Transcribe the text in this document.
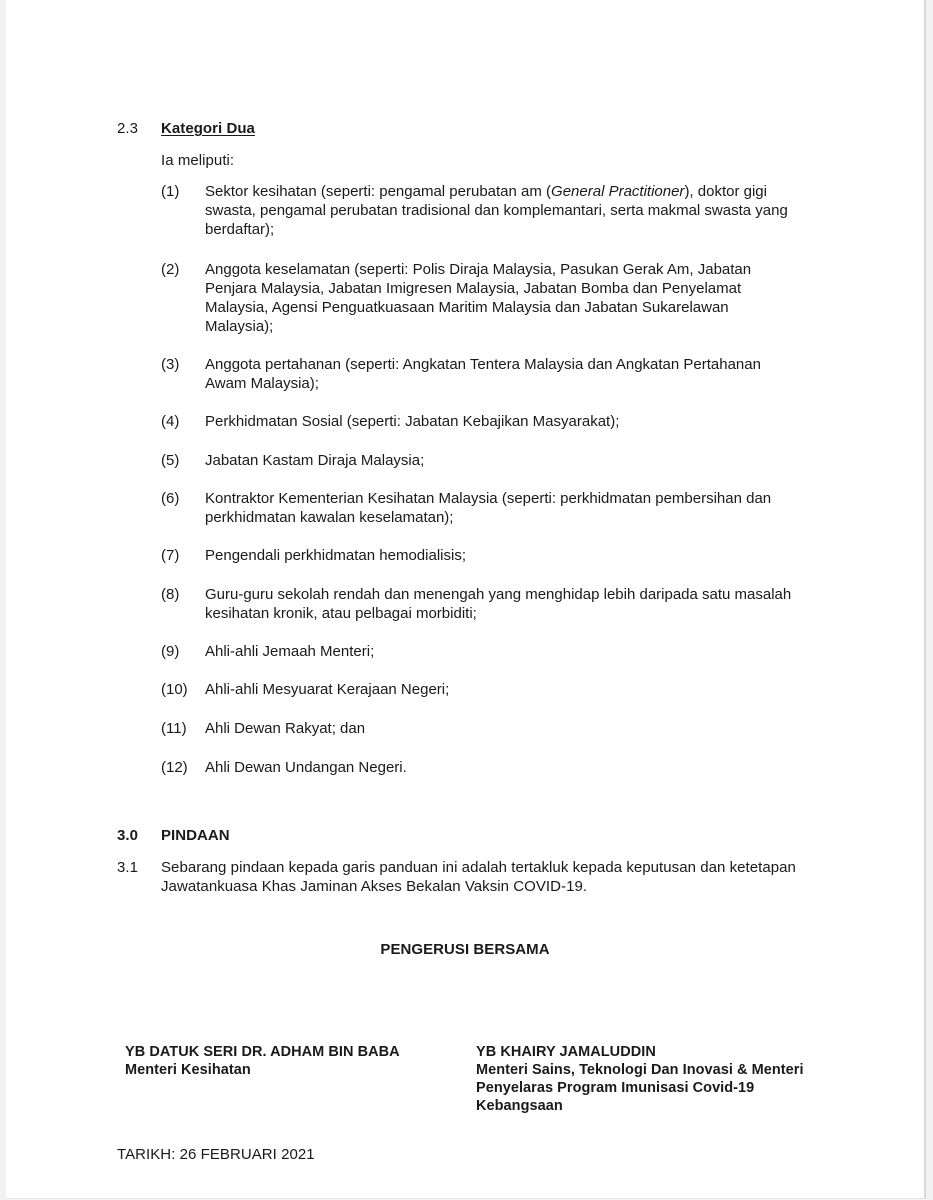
2.3 Kategori Dua
Ia meliputi:
(1) Sektor kesihatan (seperti: pengamal perubatan am (General Practitioner), doktor gigi
swasta, pengamal perubatan tradisional dan komplemantari, serta makmal swasta yang
berdaftar);
(2) Anggota keselamatan (seperti: Polis Diraja Malaysia, Pasukan Gerak Am, Jabatan
Penjara Malaysia, Jabatan Imigresen Malaysia, Jabatan Bomba dan Penyelamat
Malaysia, Agensi Penguatkuasaan Maritim Malaysia dan Jabatan Sukarelawan
Malaysia);
(3) Anggota pertahanan (seperti: Angkatan Tentera Malaysia dan Angkatan Pertahanan
Awam Malaysia);
(4) Perkhidmatan Sosial (seperti: Jabatan Kebajikan Masyarakat);
(5) Jabatan Kastam Diraja Malaysia;
(6) Kontraktor Kementerian Kesihatan Malaysia (seperti: perkhidmatan pembersihan dan
perkhidmatan kawalan keselamatan);
(7) Pengendali perkhidmatan hemodialisis;
(8) Guru-guru sekolah rendah dan menengah yang menghidap lebih daripada satu masalah
kesihatan kronik, atau pelbagai morbiditi;
(9) Ahli-ahli Jemaah Menteri;
(10) Ahli-ahli Mesyuarat Kerajaan Negeri;
(11) Ahli Dewan Rakyat; dan
(12) Ahli Dewan Undangan Negeri.
3.0 PINDAAN
3.1 Sebarang pindaan kepada garis panduan ini adalah tertakluk kepada keputusan dan ketetapan
Jawatankuasa Khas Jaminan Akses Bekalan Vaksin COVID-19.
PENGERUSI BERSAMA
YB DATUK SERI DR. ADHAM BIN BABA
Menteri Kesihatan
YB KHAIRY JAMALUDDIN
Menteri Sains, Teknologi Dan Inovasi & Menteri
Penyelaras Program Imunisasi Covid-19
Kebangsaan
TARIKH: 26 FEBRUARI 2021
